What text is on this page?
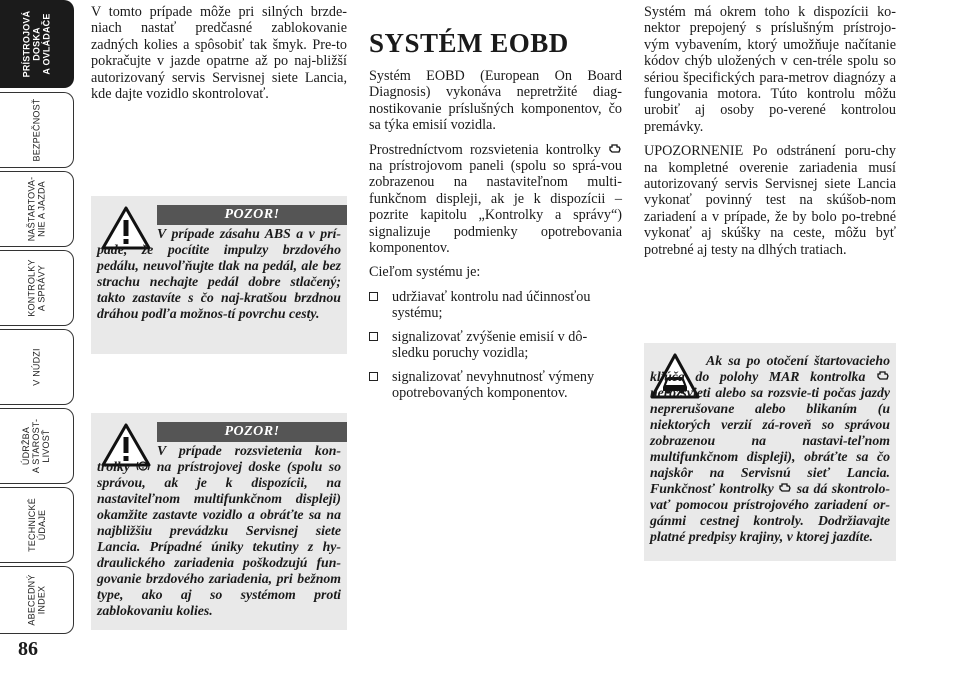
PRÍSTROJOVÁ DOSKA A OVLÁDAČE
BEZPEČNOSŤ
NAŠTARTOVA- NIE A JAZDA
KONTROLKY A SPRÁVY
V NÚDZI
ÚDRŽBA A STAROST- LIVOSŤ
TECHNICKÉ ÚDAJE
ABECEDNÝ INDEX
86

V tomto prípade môže pri silných brzde-niach nastať predčasné zablokovanie zadných kolies a spôsobiť tak šmyk. Pre-to pokračujte v jazde opatrne až po naj-bližší autorizovaný servis Servisnej siete Lancia, kde dajte vozidlo skontrolovať.

POZOR!
V prípade zásahu ABS a v prí-pade, že pocítite impulzy brzdového pedálu, neuvoľňujte tlak na pedál, ale bez strachu nechajte pedál dobre stlačený; takto zastavíte s čo naj-kratšou brzdnou dráhou podľa možnos-tí povrchu cesty.
POZOR!
V prípade rozsvietenia kon-trolky na prístrojovej doske (spolu so správou, ak je k dispozícii, na nastaviteľnom multifunkčnom displeji) okamžite zastavte vozidlo a obráťte sa na najbližšiu prevádzku Servisnej siete Lancia. Prípadné úniky tekutiny z hy-draulického zariadenia poškodzujú fun-govanie brzdového zariadenia, pri bežnom type, ako aj so systémom proti zablokovaniu kolies.
SYSTÉM EOBD

Systém EOBD (European On Board Diagnosis) vykonáva nepretržité diag-nostikovanie príslušných komponentov, čo sa týka emisií vozidla.

Prostredníctvom rozsvietenia kontrolky  na prístrojovom paneli (spolu so sprá-vou zobrazenou na nastaviteľnom multi-funkčnom displeji, ak je k dispozícii – pozrite kapitolu „Kontrolky a správy“) signalizuje podmienky opotrebovania komponentov.

Cieľom systému je:

udržiavať kontrolu nad účinnosťou systému;
signalizovať zvýšenie emisií v dô-sledku poruchy vozidla;
signalizovať nevyhnutnosť výmeny opotrebovaných komponentov.

Systém má okrem toho k dispozícii ko-nektor prepojený s príslušným prístrojo-vým vybavením, ktorý umožňuje načítanie kódov chýb uložených v cen-tréle spolu so sériou špecifických para-metrov diagnózy a fungovania motora. Túto kontrolu môžu urobiť aj osoby po-verené kontrolou premávky.

UPOZORNENIE Po odstránení poru-chy na kompletné overenie zariadenia musí autorizovaný servis Servisnej siete Lancia vykonať povinný test na skúšob-nom zariadení a v prípade, že by bolo po-trebné vykonať aj skúšky na ceste, môžu byť potrebné aj testy na dlhých tratiach.

Ak sa po otočení štartovacieho kľúča do polohy MAR kontrolka  nerozsvieti alebo sa rozsvie-ti počas jazdy neprerušovane alebo blikaním (u niektorých verzií zá-roveň so správou zobrazenou na nastavi-teľnom multifunkčnom displeji), obráťte sa čo najskôr na Servisnú sieť Lancia. Funkčnosť kontrolky sa dá skontrolo-vať pomocou prístrojového zariadení or-gánmi cestnej kontroly. Dodržiavajte platné predpisy krajiny, v ktorej jazdíte.
